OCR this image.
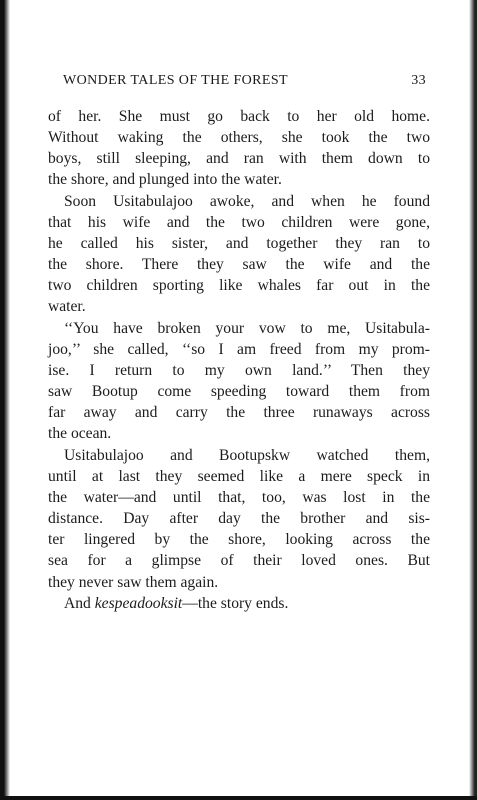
WONDER TALES OF THE FOREST	33
of her. She must go back to her old home.
Without waking the others, she took the two
boys, still sleeping, and ran with them down to
the shore, and plunged into the water.
Soon Usitabulajoo awoke, and when he found
that his wife and the two children were gone,
he called his sister, and together they ran to
the shore. There they saw the wife and the
two children sporting like whales far out in the
water.
‘‘You have broken your vow to me, Usitabula-
joo,’’ she called, ‘‘so I am freed from my prom-
ise. I return to my own land.’’ Then they
saw Bootup come speeding toward them from
far away and carry the three runaways across
the ocean.
Usitabulajoo and Bootupskw watched them,
until at last they seemed like a mere speck in
the water—and until that, too, was lost in the
distance. Day after day the brother and sis-
ter lingered by the shore, looking across the
sea for a glimpse of their loved ones. But
they never saw them again.
And kespeadooksit—the story ends.
